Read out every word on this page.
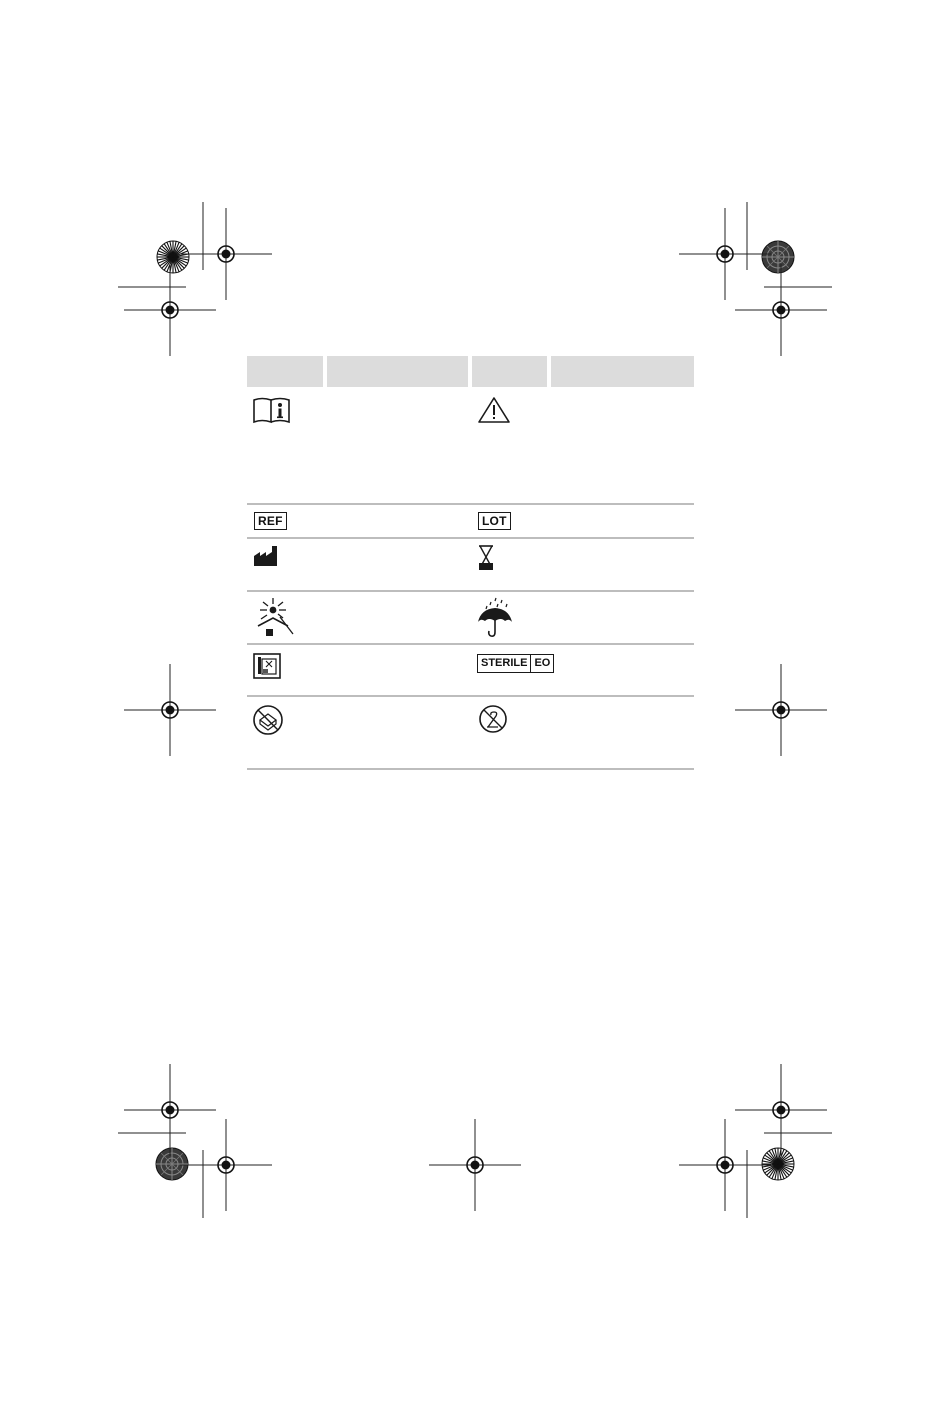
REF	LOT
STERILE EO
